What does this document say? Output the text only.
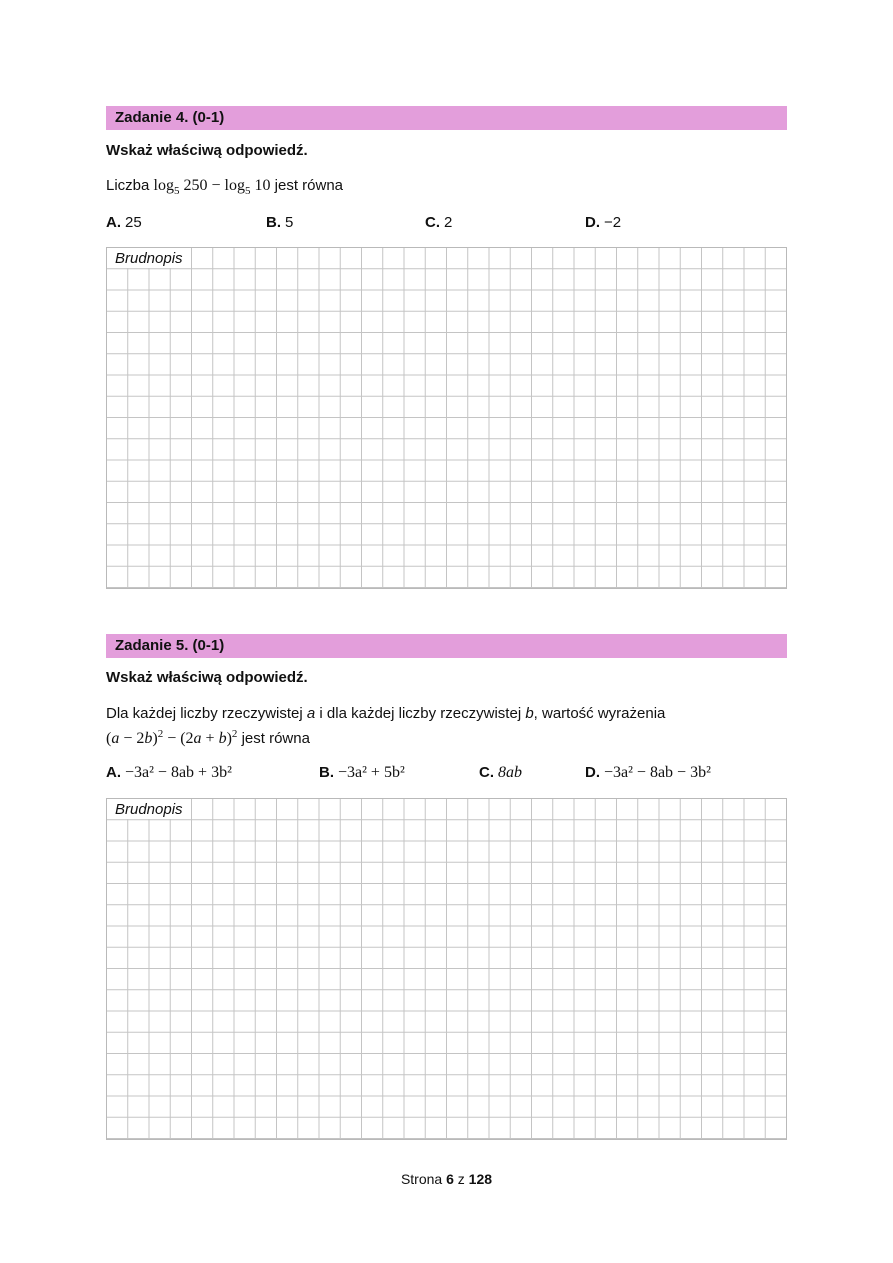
Zadanie 4. (0-1)
Wskaż właściwą odpowiedź.
Liczba $\log_5 250 - \log_5 10$ jest równa
A. 25	B. 5	C. 2	D. −2
Brudnopis
Zadanie 5. (0-1)
Wskaż właściwą odpowiedź.
Dla każdej liczby rzeczywistej a i dla każdej liczby rzeczywistej b, wartość wyrażenia
$(a - 2b)^2 - (2a + b)^2$ jest równa
A. −3a² − 8ab + 3b²	B. −3a² + 5b²	C. 8ab	D. −3a² − 8ab − 3b²
Brudnopis
Strona 6 z 128
